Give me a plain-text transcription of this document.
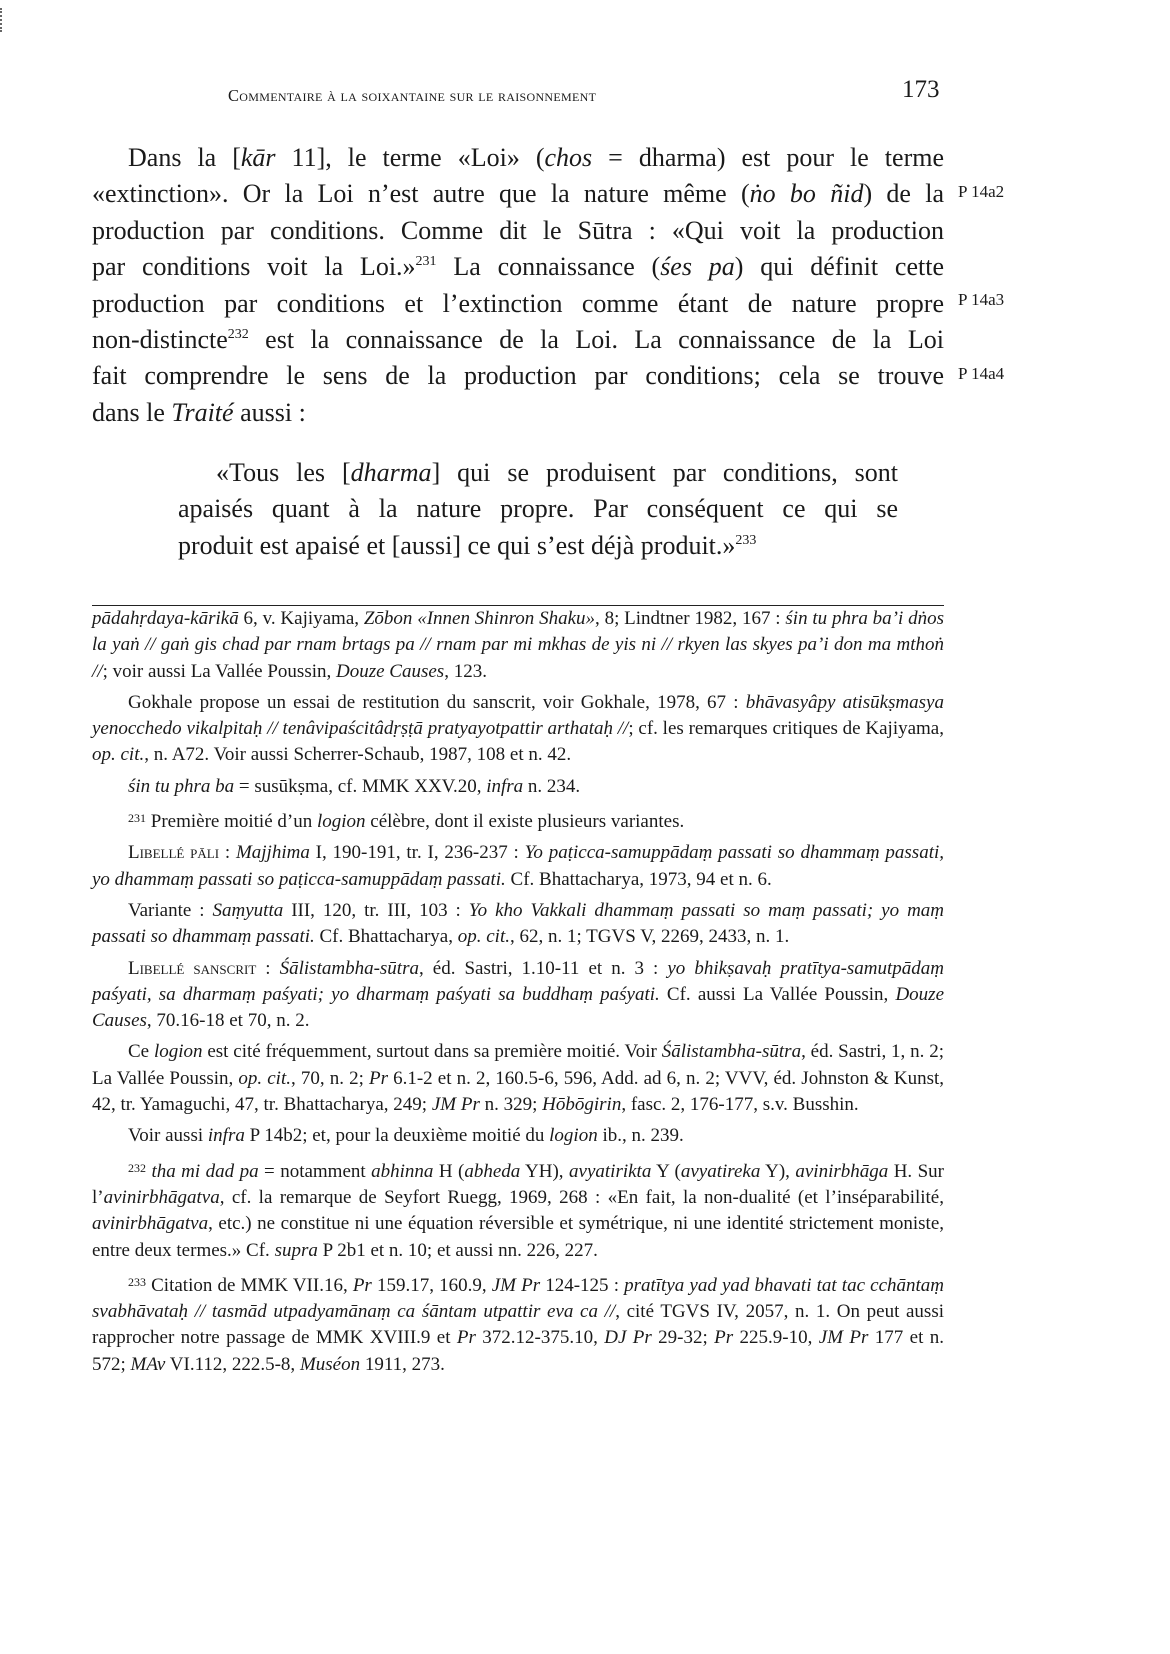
Commentaire à la soixantaine sur le raisonnement	173
Dans la [kār 11], le terme «Loi» (chos = dharma) est pour le terme
«extinction». Or la Loi n’est autre que la nature même (ṅo bo ñid) de la
production par conditions. Comme dit le Sūtra : «Qui voit la production
par conditions voit la Loi.»$^{231}$ La connaissance (śes pa) qui définit cette
production par conditions et l’extinction comme étant de nature propre
non-distincte$^{232}$ est la connaissance de la Loi. La connaissance de la Loi
fait comprendre le sens de la production par conditions; cela se trouve
dans le Traité aussi :
P 14a2
P 14a3
P 14a4
«Tous les [dharma] qui se produisent par conditions, sont
apaisés quant à la nature propre. Par conséquent ce qui se
produit est apaisé et [aussi] ce qui s’est déjà produit.»$^{233}$

pādahṛdaya-kārikā 6, v. Kajiyama, Zōbon «Innen Shinron Shaku», 8; Lindtner 1982, 167 : śin tu phra ba’i dṅos la yaṅ // gaṅ gis chad par rnam brtags pa // rnam par mi mkhas de yis ni // rkyen las skyes pa’i don ma mthoṅ //; voir aussi La Vallée Poussin, Douze Causes, 123.

Gokhale propose un essai de restitution du sanscrit, voir Gokhale, 1978, 67 : bhāvasyâpy atisūkṣmasya yenocchedo vikalpitaḥ // tenâvipaścitâdṛṣṭā pratyayotpattir arthataḥ //; cf. les remarques critiques de Kajiyama, op. cit., n. A72. Voir aussi Scherrer-Schaub, 1987, 108 et n. 42.

śin tu phra ba = susūkṣma, cf. MMK XXV.20, infra n. 234.

$^{231}$ Première moitié d’un logion célèbre, dont il existe plusieurs variantes.

Libellé pāli : Majjhima I, 190-191, tr. I, 236-237 : Yo paṭicca-samuppādaṃ passati so dhammaṃ passati, yo dhammaṃ passati so paṭicca-samuppādaṃ passati. Cf. Bhattacharya, 1973, 94 et n. 6.

Variante : Saṃyutta III, 120, tr. III, 103 : Yo kho Vakkali dhammaṃ passati so maṃ passati; yo maṃ passati so dhammaṃ passati. Cf. Bhattacharya, op. cit., 62, n. 1; TGVS V, 2269, 2433, n. 1.

Libellé sanscrit : Śālistambha-sūtra, éd. Sastri, 1.10-11 et n. 3 : yo bhikṣavaḥ pratītya-samutpādaṃ paśyati, sa dharmaṃ paśyati; yo dharmaṃ paśyati sa buddhaṃ paśyati. Cf. aussi La Vallée Poussin, Douze Causes, 70.16-18 et 70, n. 2.

Ce logion est cité fréquemment, surtout dans sa première moitié. Voir Śālistambha-sūtra, éd. Sastri, 1, n. 2; La Vallée Poussin, op. cit., 70, n. 2; Pr 6.1-2 et n. 2, 160.5-6, 596, Add. ad 6, n. 2; VVV, éd. Johnston & Kunst, 42, tr. Yamaguchi, 47, tr. Bhattacharya, 249; JM Pr n. 329; Hōbōgirin, fasc. 2, 176-177, s.v. Busshin.

Voir aussi infra P 14b2; et, pour la deuxième moitié du logion ib., n. 239.

$^{232}$ tha mi dad pa = notamment abhinna H (abheda YH), avyatirikta Y (avyatireka Y), avinirbhāga H. Sur l’avinirbhāgatva, cf. la remarque de Seyfort Ruegg, 1969, 268 : «En fait, la non-dualité (et l’inséparabilité, avinirbhāgatva, etc.) ne constitue ni une équation réversible et symétrique, ni une identité strictement moniste, entre deux termes.» Cf. supra P 2b1 et n. 10; et aussi nn. 226, 227.

$^{233}$ Citation de MMK VII.16, Pr 159.17, 160.9, JM Pr 124-125 : pratītya yad yad bhavati tat tac cchāntaṃ svabhāvataḥ // tasmād utpadyamānaṃ ca śāntam utpattir eva ca //, cité TGVS IV, 2057, n. 1. On peut aussi rapprocher notre passage de MMK XVIII.9 et Pr 372.12-375.10, DJ Pr 29-32; Pr 225.9-10, JM Pr 177 et n. 572; MAv VI.112, 222.5-8, Muséon 1911, 273.
